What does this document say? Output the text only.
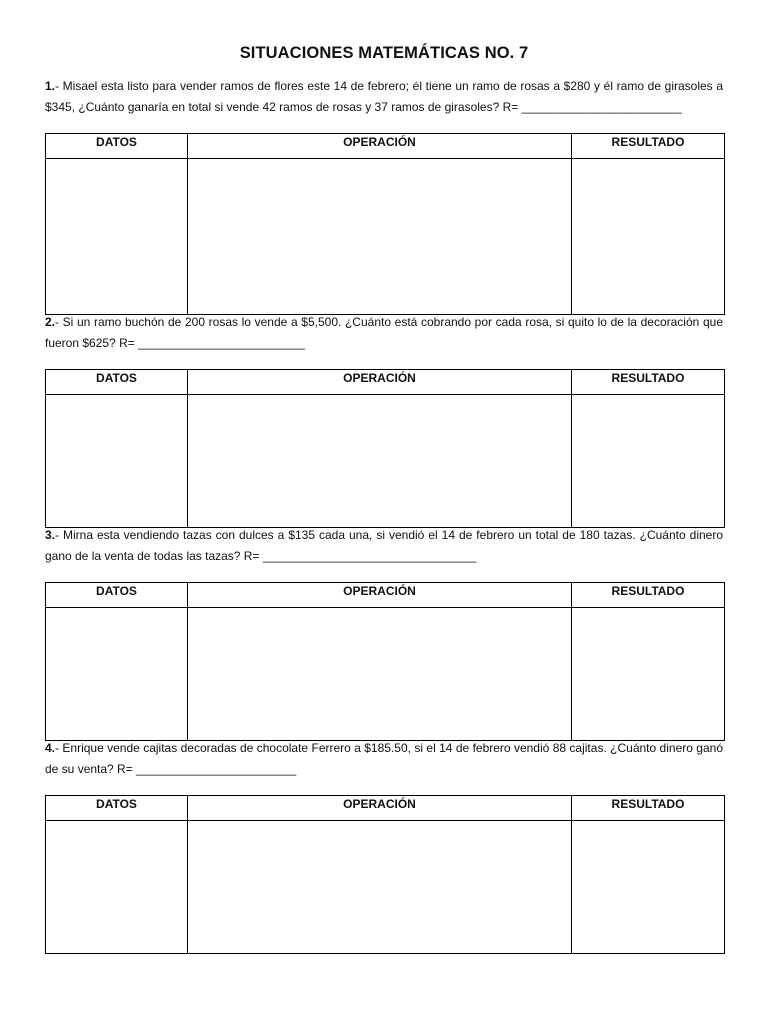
SITUACIONES MATEMÁTICAS NO. 7
1.- Misael esta listo para vender ramos de flores este 14 de febrero; él tiene un ramo de rosas a $280 y él ramo de girasoles a $345, ¿Cuánto ganaría en total si vende 42 ramos de rosas y 37 ramos de girasoles? R= ________________________
DATOS	OPERACIÓN	RESULTADO

2.- Si un ramo buchón de 200 rosas lo vende a $5,500. ¿Cuánto está cobrando por cada rosa, si quito lo de la decoración que fueron $625? R= _________________________
DATOS	OPERACIÓN	RESULTADO

3.- Mirna esta vendiendo tazas con dulces a $135 cada una, si vendió el 14 de febrero un total de 180 tazas. ¿Cuánto dinero gano de la venta de todas las tazas? R= ________________________________
DATOS	OPERACIÓN	RESULTADO

4.- Enrique vende cajitas decoradas de chocolate Ferrero a $185.50, si el 14 de febrero vendió 88 cajitas. ¿Cuánto dinero ganó de su venta? R= ________________________
DATOS	OPERACIÓN	RESULTADO
